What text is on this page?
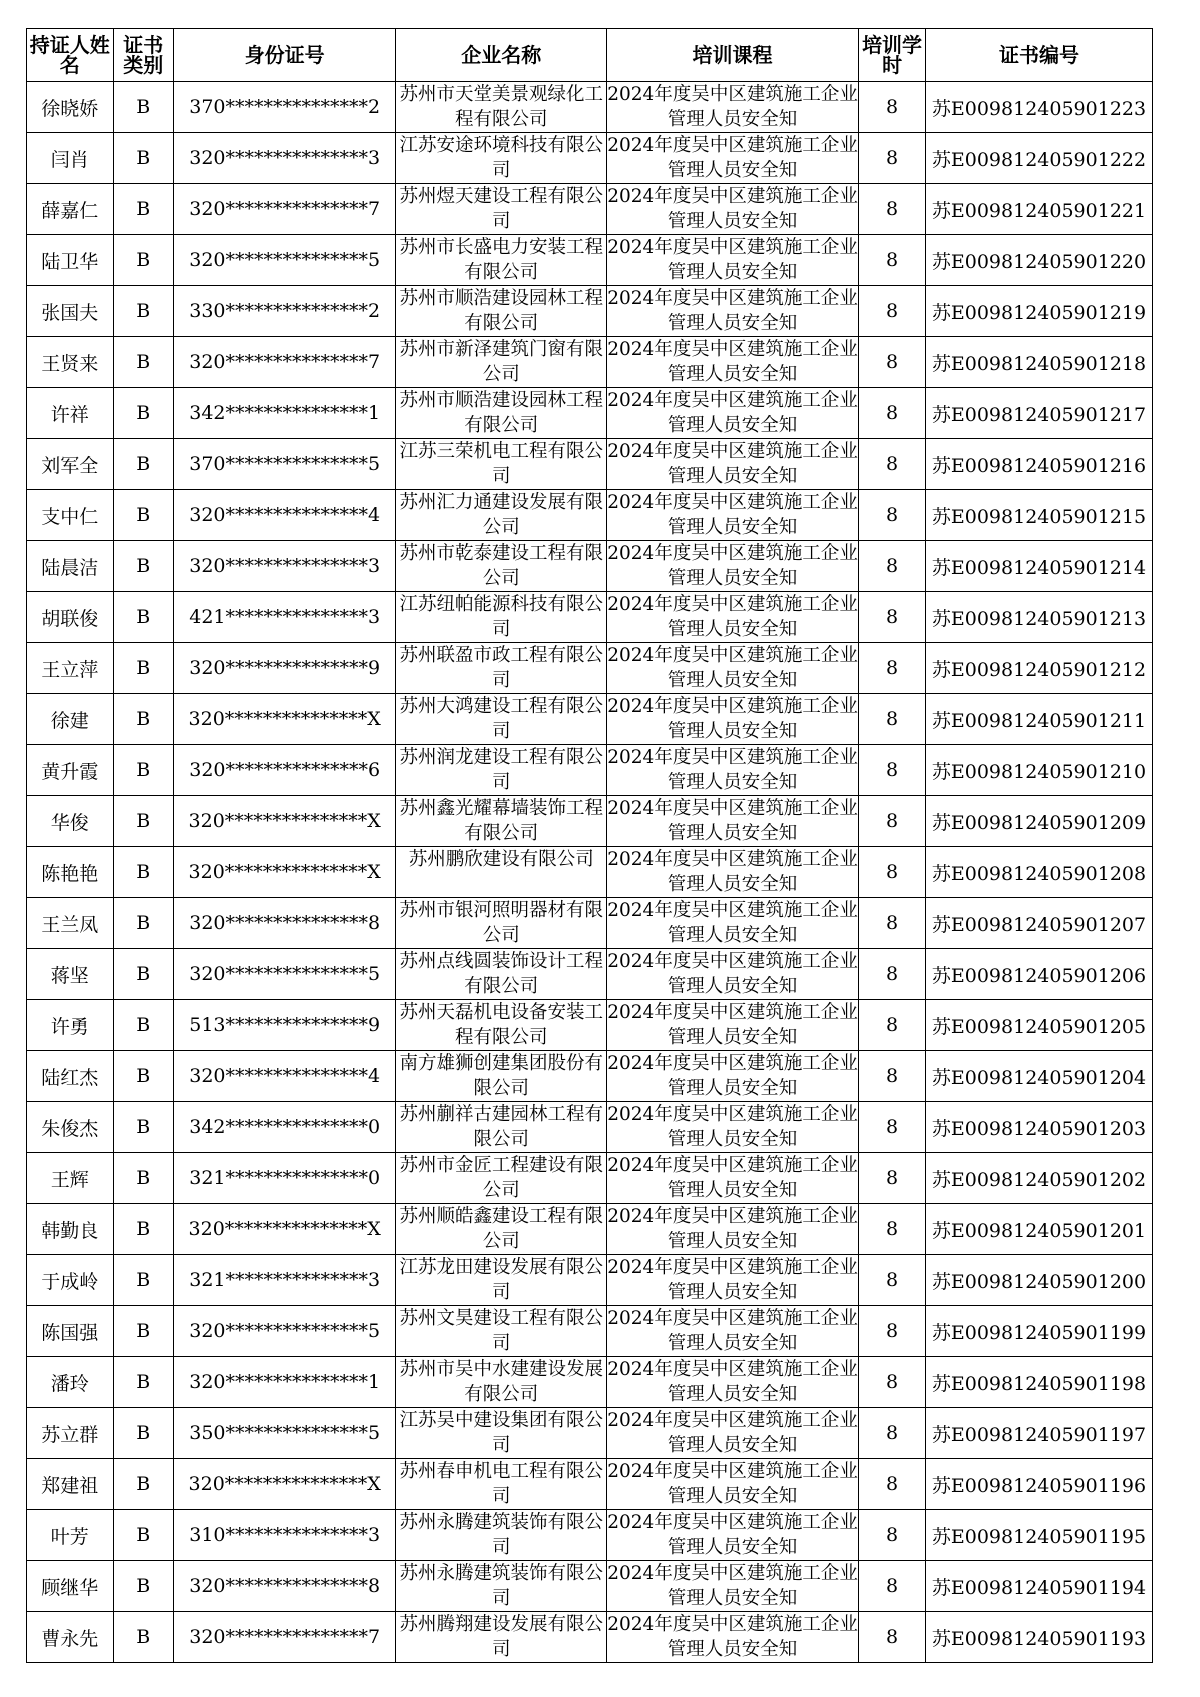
持证人姓名	证书类别	身份证号	企业名称	培训课程	培训学时	证书编号
徐晓娇	B	370***************2	苏州市天堂美景观绿化工程有限公司	2024年度吴中区建筑施工企业管理人员安全知	8	苏E009812405901223
闫肖	B	320***************3	江苏安途环境科技有限公司	2024年度吴中区建筑施工企业管理人员安全知	8	苏E009812405901222
薛嘉仁	B	320***************7	苏州煜天建设工程有限公司	2024年度吴中区建筑施工企业管理人员安全知	8	苏E009812405901221
陆卫华	B	320***************5	苏州市长盛电力安装工程有限公司	2024年度吴中区建筑施工企业管理人员安全知	8	苏E009812405901220
张国夫	B	330***************2	苏州市顺浩建设园林工程有限公司	2024年度吴中区建筑施工企业管理人员安全知	8	苏E009812405901219
王贤来	B	320***************7	苏州市新泽建筑门窗有限公司	2024年度吴中区建筑施工企业管理人员安全知	8	苏E009812405901218
许祥	B	342***************1	苏州市顺浩建设园林工程有限公司	2024年度吴中区建筑施工企业管理人员安全知	8	苏E009812405901217
刘军全	B	370***************5	江苏三荣机电工程有限公司	2024年度吴中区建筑施工企业管理人员安全知	8	苏E009812405901216
支中仁	B	320***************4	苏州汇力通建设发展有限公司	2024年度吴中区建筑施工企业管理人员安全知	8	苏E009812405901215
陆晨洁	B	320***************3	苏州市乾泰建设工程有限公司	2024年度吴中区建筑施工企业管理人员安全知	8	苏E009812405901214
胡联俊	B	421***************3	江苏纽帕能源科技有限公司	2024年度吴中区建筑施工企业管理人员安全知	8	苏E009812405901213
王立萍	B	320***************9	苏州联盈市政工程有限公司	2024年度吴中区建筑施工企业管理人员安全知	8	苏E009812405901212
徐建	B	320***************X	苏州大鸿建设工程有限公司	2024年度吴中区建筑施工企业管理人员安全知	8	苏E009812405901211
黄升霞	B	320***************6	苏州润龙建设工程有限公司	2024年度吴中区建筑施工企业管理人员安全知	8	苏E009812405901210
华俊	B	320***************X	苏州鑫光耀幕墙装饰工程有限公司	2024年度吴中区建筑施工企业管理人员安全知	8	苏E009812405901209
陈艳艳	B	320***************X	苏州鹏欣建设有限公司	2024年度吴中区建筑施工企业管理人员安全知	8	苏E009812405901208
王兰凤	B	320***************8	苏州市银河照明器材有限公司	2024年度吴中区建筑施工企业管理人员安全知	8	苏E009812405901207
蒋坚	B	320***************5	苏州点线圆装饰设计工程有限公司	2024年度吴中区建筑施工企业管理人员安全知	8	苏E009812405901206
许勇	B	513***************9	苏州天磊机电设备安装工程有限公司	2024年度吴中区建筑施工企业管理人员安全知	8	苏E009812405901205
陆红杰	B	320***************4	南方雄狮创建集团股份有限公司	2024年度吴中区建筑施工企业管理人员安全知	8	苏E009812405901204
朱俊杰	B	342***************0	苏州蒯祥古建园林工程有限公司	2024年度吴中区建筑施工企业管理人员安全知	8	苏E009812405901203
王辉	B	321***************0	苏州市金匠工程建设有限公司	2024年度吴中区建筑施工企业管理人员安全知	8	苏E009812405901202
韩勤良	B	320***************X	苏州顺皓鑫建设工程有限公司	2024年度吴中区建筑施工企业管理人员安全知	8	苏E009812405901201
于成岭	B	321***************3	江苏龙田建设发展有限公司	2024年度吴中区建筑施工企业管理人员安全知	8	苏E009812405901200
陈国强	B	320***************5	苏州文昊建设工程有限公司	2024年度吴中区建筑施工企业管理人员安全知	8	苏E009812405901199
潘玲	B	320***************1	苏州市吴中水建建设发展有限公司	2024年度吴中区建筑施工企业管理人员安全知	8	苏E009812405901198
苏立群	B	350***************5	江苏吴中建设集团有限公司	2024年度吴中区建筑施工企业管理人员安全知	8	苏E009812405901197
郑建祖	B	320***************X	苏州春申机电工程有限公司	2024年度吴中区建筑施工企业管理人员安全知	8	苏E009812405901196
叶芳	B	310***************3	苏州永腾建筑装饰有限公司	2024年度吴中区建筑施工企业管理人员安全知	8	苏E009812405901195
顾继华	B	320***************8	苏州永腾建筑装饰有限公司	2024年度吴中区建筑施工企业管理人员安全知	8	苏E009812405901194
曹永先	B	320***************7	苏州腾翔建设发展有限公司	2024年度吴中区建筑施工企业管理人员安全知	8	苏E009812405901193
